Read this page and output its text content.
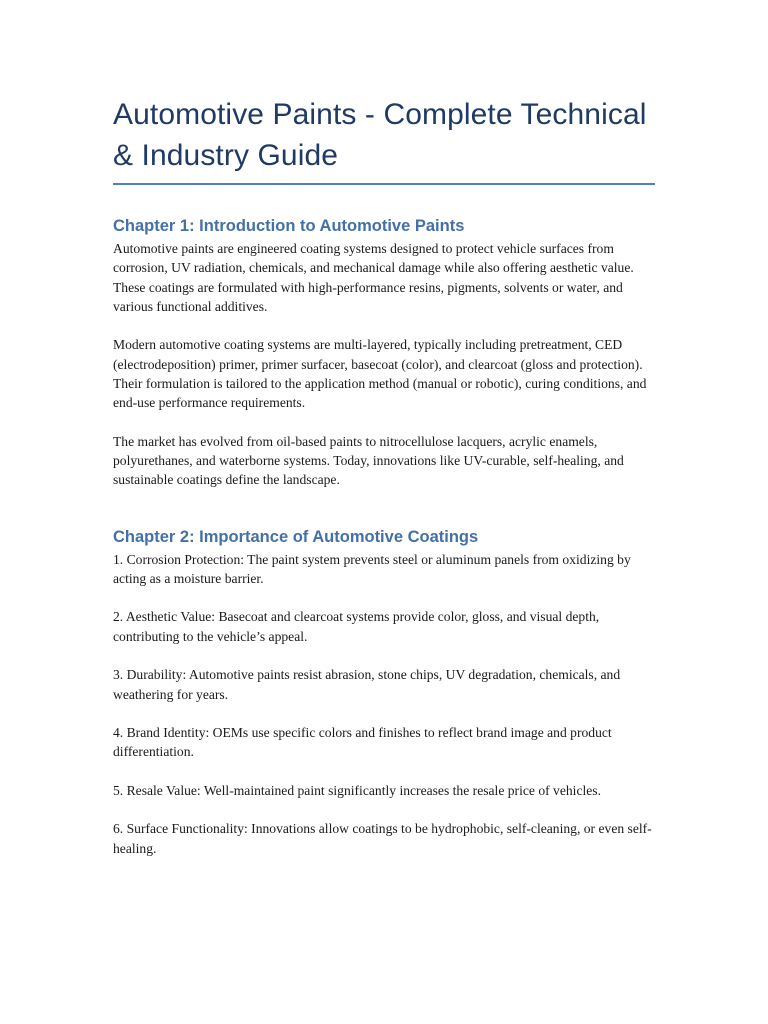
Automotive Paints - Complete Technical & Industry Guide
Chapter 1: Introduction to Automotive Paints

Automotive paints are engineered coating systems designed to protect vehicle surfaces from corrosion, UV radiation, chemicals, and mechanical damage while also offering aesthetic value. These coatings are formulated with high-performance resins, pigments, solvents or water, and various functional additives.

Modern automotive coating systems are multi-layered, typically including pretreatment, CED (electrodeposition) primer, primer surfacer, basecoat (color), and clearcoat (gloss and protection). Their formulation is tailored to the application method (manual or robotic), curing conditions, and end-use performance requirements.

The market has evolved from oil-based paints to nitrocellulose lacquers, acrylic enamels, polyurethanes, and waterborne systems. Today, innovations like UV-curable, self-healing, and sustainable coatings define the landscape.

Chapter 2: Importance of Automotive Coatings

1. Corrosion Protection: The paint system prevents steel or aluminum panels from oxidizing by acting as a moisture barrier.

2. Aesthetic Value: Basecoat and clearcoat systems provide color, gloss, and visual depth, contributing to the vehicle’s appeal.

3. Durability: Automotive paints resist abrasion, stone chips, UV degradation, chemicals, and weathering for years.

4. Brand Identity: OEMs use specific colors and finishes to reflect brand image and product differentiation.

5. Resale Value: Well-maintained paint significantly increases the resale price of vehicles.

6. Surface Functionality: Innovations allow coatings to be hydrophobic, self-cleaning, or even self-healing.
